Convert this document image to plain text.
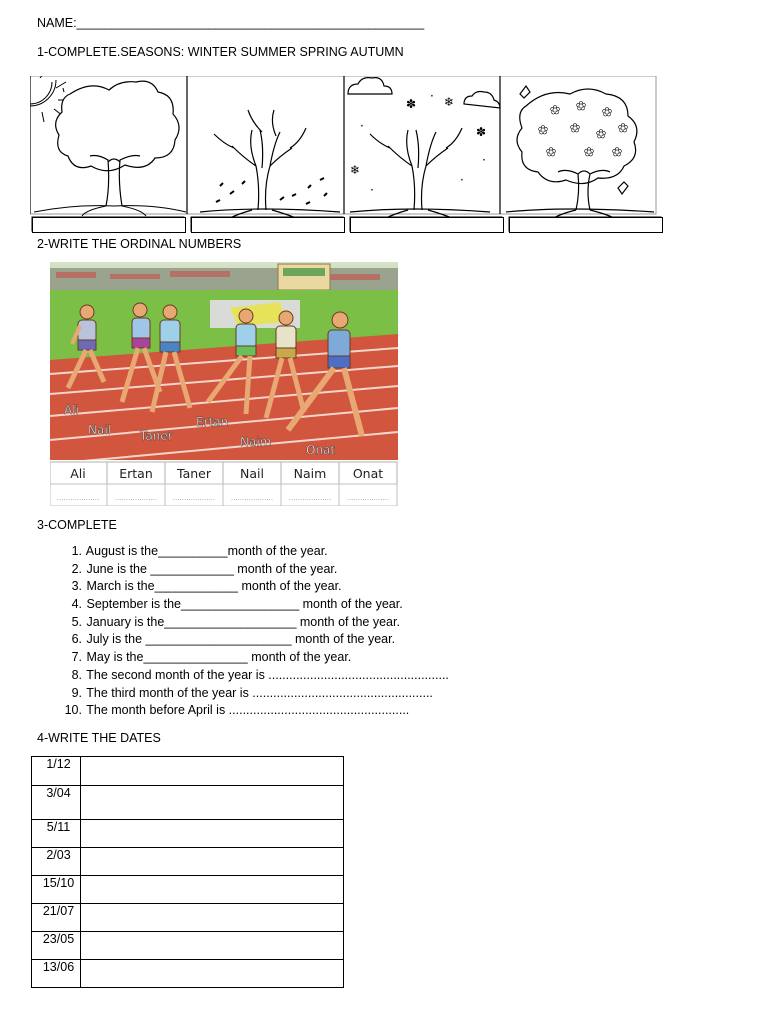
NAME:__________________________________________________
1-COMPLETE.SEASONS: WINTER SUMMER SPRING AUTUMN
✽ ❄
❄
✽
·
·
·
·
·
✿ ✿ ✿
✿ ✿ ✿ ✿
✿ ✿ ✿
2-WRITE THE ORDINAL NUMBERS
Ali
Nail Taner
Ertan
Naim
Onat
Ali	Ertan Taner Nail Naim Onat
................... ................... ................... ................... ................... ...................
3-COMPLETE
1. August is the__________month of the year.
2. June is the ____________ month of the year.
3. March is the____________ month of the year.
4. September is the_________________ month of the year.
5. January is the___________________ month of the year.
6. July is the _____________________ month of the year.
7. May is the_______________ month of the year.
8. The second month of the year is ....................................................
9. The third month of the year is ....................................................
10. The month before April is ....................................................
4-WRITE THE DATES
1/12	
3/04	
5/11	
2/03	
15/10	
21/07	
23/05	
13/06	
